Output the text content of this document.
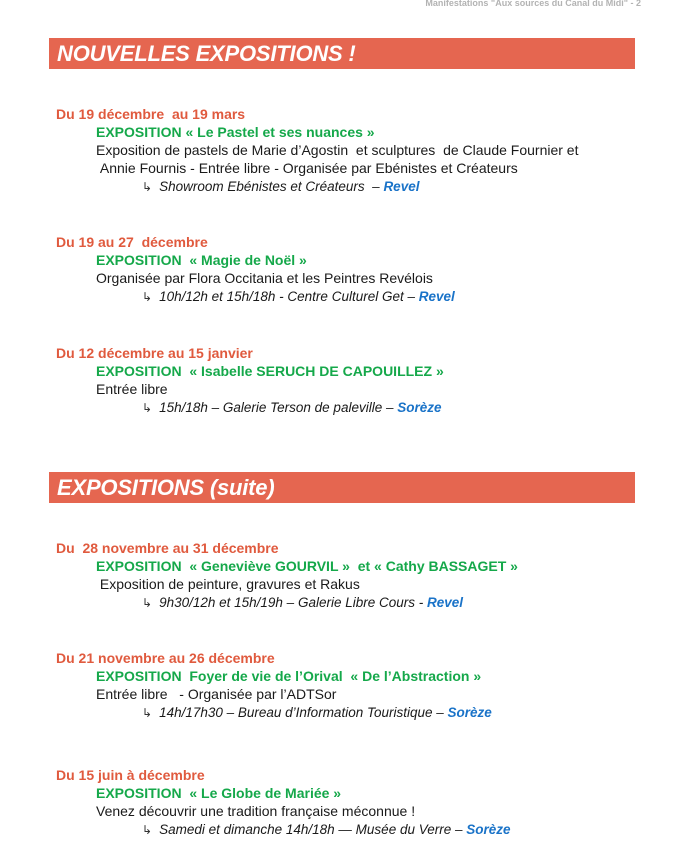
Manifestations "Aux sources du Canal du Midi" - 2
NOUVELLES EXPOSITIONS !
Du 19 décembre  au 19 mars
EXPOSITION « Le Pastel et ses nuances »
Exposition de pastels de Marie d’Agostin  et sculptures  de Claude Fournier et
Annie Fournis - Entrée libre - Organisée par Ebénistes et Créateurs
↳ Showroom Ebénistes et Créateurs  – Revel
Du 19 au 27  décembre
EXPOSITION  « Magie de Noël »
Organisée par Flora Occitania et les Peintres Revélois
↳ 10h/12h et 15h/18h - Centre Culturel Get – Revel
Du 12 décembre au 15 janvier
EXPOSITION  « Isabelle SERUCH DE CAPOUILLEZ »
Entrée libre
↳ 15h/18h – Galerie Terson de paleville – Sorèze
EXPOSITIONS (suite)
Du  28 novembre au 31 décembre
EXPOSITION  « Geneviève GOURVIL »  et « Cathy BASSAGET »
Exposition de peinture, gravures et Rakus
↳ 9h30/12h et 15h/19h – Galerie Libre Cours - Revel
Du 21 novembre au 26 décembre
EXPOSITION  Foyer de vie de l’Orival  « De l’Abstraction »
Entrée libre   - Organisée par l’ADTSor
↳ 14h/17h30 – Bureau d’Information Touristique – Sorèze
Du 15 juin à décembre
EXPOSITION  « Le Globe de Mariée »
Venez découvrir une tradition française méconnue !
↳ Samedi et dimanche 14h/18h — Musée du Verre – Sorèze
